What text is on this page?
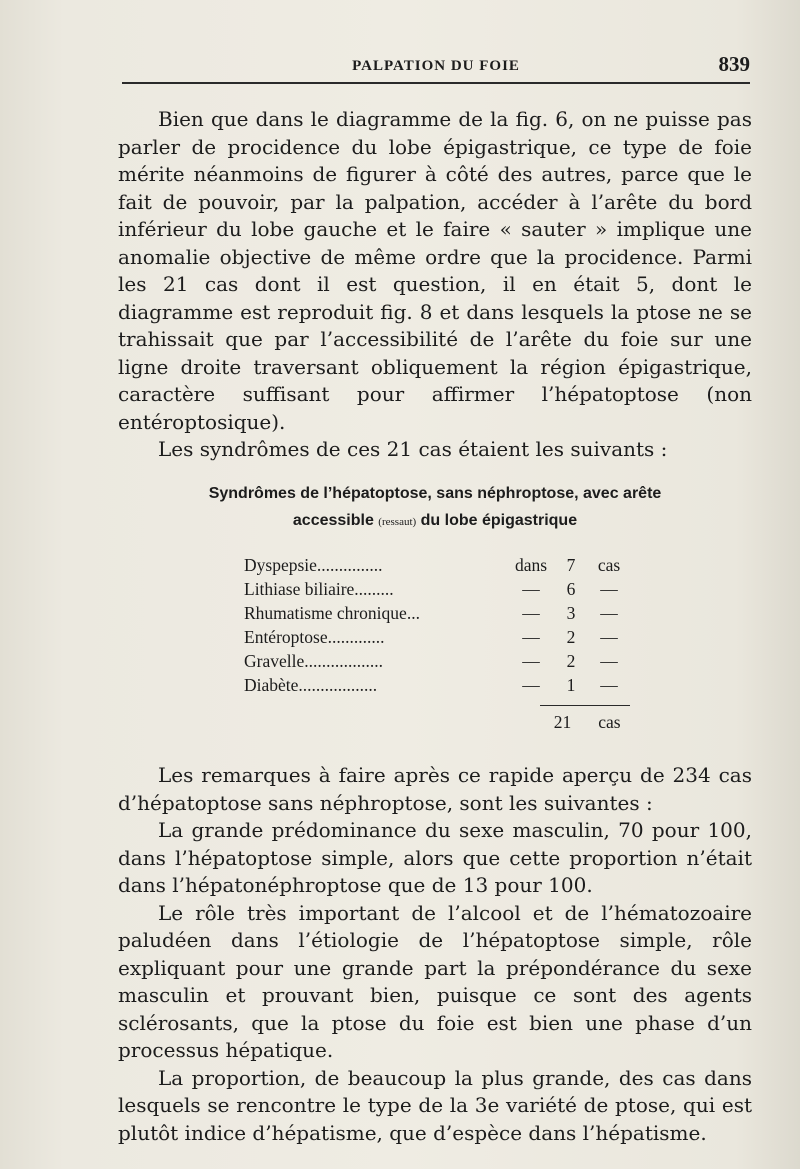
PALPATION DU FOIE	839

Bien que dans le diagramme de la fig. 6, on ne puisse pas parler de procidence du lobe épigastrique, ce type de foie mérite néanmoins de figurer à côté des autres, parce que le fait de pouvoir, par la palpation, accéder à l’arête du bord inférieur du lobe gauche et le faire « sauter » implique une anomalie objective de même ordre que la procidence. Parmi les 21 cas dont il est question, il en était 5, dont le diagramme est reproduit fig. 8 et dans lesquels la ptose ne se trahissait que par l’accessibilité de l’arête du foie sur une ligne droite traversant obliquement la région épigastrique, caractère suffisant pour affirmer l’hépatoptose (non entéroptosique).

Les syndrômes de ces 21 cas étaient les suivants :

Syndrômes de l’hépatoptose, sans néphroptose, avec arête
accessible (ressaut) du lobe épigastrique
Dyspepsie...............	dans	7	cas
Lithiase biliaire.........	—	6	—
Rhumatisme chronique...	—	3	—
Entéroptose.............	—	2	—
Gravelle..................	—	2	—
Diabète..................	—	1	—
21 cas

Les remarques à faire après ce rapide aperçu de 234 cas d’hépatoptose sans néphroptose, sont les suivantes :

La grande prédominance du sexe masculin, 70 pour 100, dans l’hépatoptose simple, alors que cette proportion n’était dans l’hépatonéphroptose que de 13 pour 100.

Le rôle très important de l’alcool et de l’hématozoaire paludéen dans l’étiologie de l’hépatoptose simple, rôle expliquant pour une grande part la prépondérance du sexe masculin et prouvant bien, puisque ce sont des agents sclérosants, que la ptose du foie est bien une phase d’un processus hépatique.

La proportion, de beaucoup la plus grande, des cas dans lesquels se rencontre le type de la 3e variété de ptose, qui est plutôt indice d’hépatisme, que d’espèce dans l’hépatisme.
